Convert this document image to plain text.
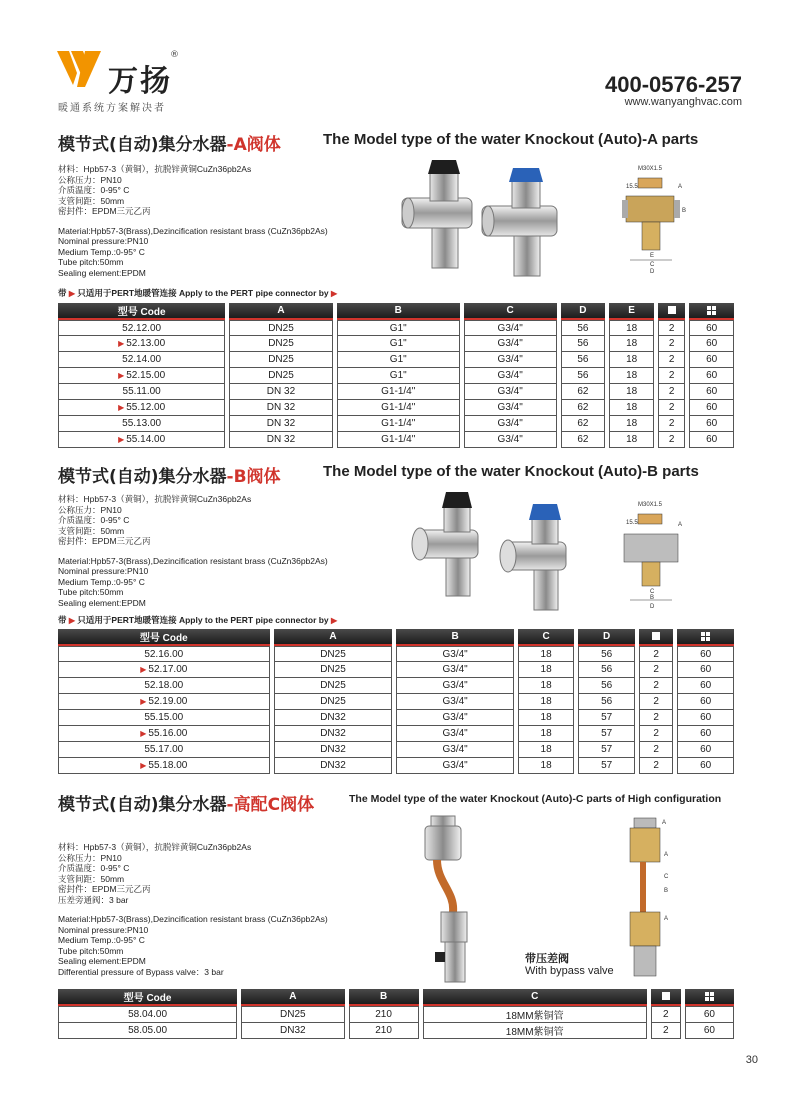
万扬
®
暖通系统方案解决者
400-0576-257
www.wanyanghvac.com
模节式(自动)集分水器-A阀体	The Model type of the water Knockout (Auto)-A parts
材料：Hpb57-3（黄铜），抗脱锌黄铜CuZn36pb2As
公称压力：PN10
介质温度：0-95° C
支管间距：50mm
密封件：EPDM三元乙丙
Material:Hpb57-3(Brass),Dezincification resistant brass (CuZn36pb2As)
Nominal pressure:PN10
Medium Temp.:0-95° C
Tube pitch:50mm
Sealing element:EPDM
M30X1.5
15.5	A
B
E
C
D
带 ▶ 只适用于PERT地暖管连接 Apply to the PERT pipe connector by ▶
型号 Code	A	B	C	D	E		
52.12.00	DN25	G1"	G3/4"	56	18	2	60
▶ 52.13.00	DN25	G1"	G3/4"	56	18	2	60
52.14.00	DN25	G1"	G3/4"	56	18	2	60
▶ 52.15.00	DN25	G1"	G3/4"	56	18	2	60
55.11.00	DN 32	G1-1/4"	G3/4"	62	18	2	60
▶ 55.12.00	DN 32	G1-1/4"	G3/4"	62	18	2	60
55.13.00	DN 32	G1-1/4"	G3/4"	62	18	2	60
▶ 55.14.00	DN 32	G1-1/4"	G3/4"	62	18	2	60
模节式(自动)集分水器-B阀体	The Model type of the water Knockout (Auto)-B parts
材料：Hpb57-3（黄铜），抗脱锌黄铜CuZn36pb2As
公称压力：PN10
介质温度：0-95° C
支管间距：50mm
密封件：EPDM三元乙丙
Material:Hpb57-3(Brass),Dezincification resistant brass (CuZn36pb2As)
Nominal pressure:PN10
Medium Temp.:0-95° C
Tube pitch:50mm
Sealing element:EPDM
M30X1.5
15.5	A
C
B
D
带 ▶ 只适用于PERT地暖管连接 Apply to the PERT pipe connector by ▶
型号 Code	A	B	C	D		
52.16.00	DN25	G3/4"	18	56	2	60
▶ 52.17.00	DN25	G3/4"	18	56	2	60
52.18.00	DN25	G3/4"	18	56	2	60
▶ 52.19.00	DN25	G3/4"	18	56	2	60
55.15.00	DN32	G3/4"	18	57	2	60
▶ 55.16.00	DN32	G3/4"	18	57	2	60
55.17.00	DN32	G3/4"	18	57	2	60
▶ 55.18.00	DN32	G3/4"	18	57	2	60
模节式(自动)集分水器-高配C阀体	The Model type of the water Knockout (Auto)-C parts of High configuration
材料：Hpb57-3（黄铜），抗脱锌黄铜CuZn36pb2As
公称压力：PN10
介质温度：0-95° C
支管间距：50mm
密封件：EPDM三元乙丙
压差旁通阀：3 bar
Material:Hpb57-3(Brass),Dezincification resistant brass (CuZn36pb2As)
Nominal pressure:PN10
Medium Temp.:0-95° C
Tube pitch:50mm
Sealing element:EPDM
Differential pressure of Bypass valve：3 bar
A
A
C
B
A
带压差阀
With bypass valve
型号 Code	A	B	C		
58.04.00	DN25	210	18MM紫铜管	2	60
58.05.00	DN32	210	18MM紫铜管	2	60
30
